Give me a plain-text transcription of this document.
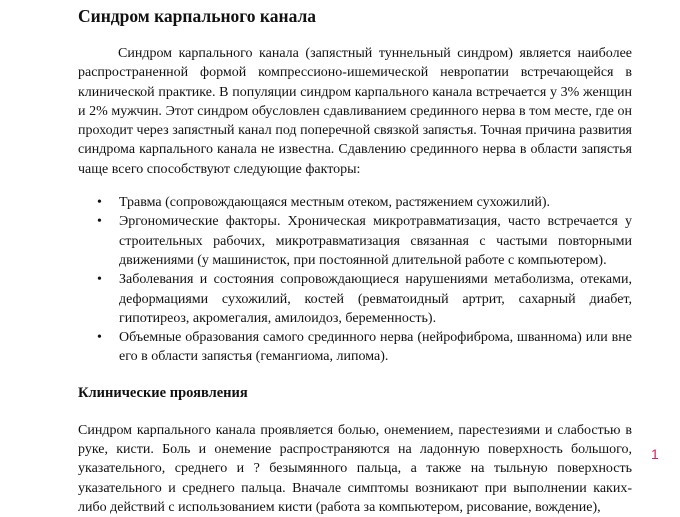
Синдром карпального канала

Синдром карпального канала (запястный туннельный синдром) является наиболее распространенной формой компрессионо-ишемической невропатии встречающейся в клинической практике. В популяции синдром карпального канала встречается у 3% женщин и 2% мужчин. Этот синдром обусловлен сдавливанием срединного нерва в том месте, где он проходит через запястный канал под поперечной связкой запястья. Точная причина развития синдрома карпального канала не известна. Сдавлению срединного нерва в области запястья чаще всего способствуют следующие факторы:

• Травма (сопровождающаяся местным отеком, растяжением сухожилий).
• Эргономические факторы. Хроническая микротравматизация, часто встречается у строительных рабочих, микротравматизация связанная с частыми повторными движениями (у машинисток, при постоянной длительной работе с компьютером).
• Заболевания и состояния сопровождающиеся нарушениями метаболизма, отеками, деформациями сухожилий, костей (ревматоидный артрит, сахарный диабет, гипотиреоз, акромегалия, амилоидоз, беременность).
• Объемные образования самого срединного нерва (нейрофиброма, шваннома) или вне его в области запястья (гемангиома, липома).
Клинические проявления

Синдром карпального канала проявляется болью, онемением, парестезиями и слабостью в руке, кисти. Боль и онемение распространяются на ладонную поверхность большого, указательного, среднего и ? безымянного пальца, а также на тыльную поверхность указательного и среднего пальца. Вначале симптомы возникают при выполнении каких-либо действий с использованием кисти (работа за компьютером, рисование, вождение),

1
